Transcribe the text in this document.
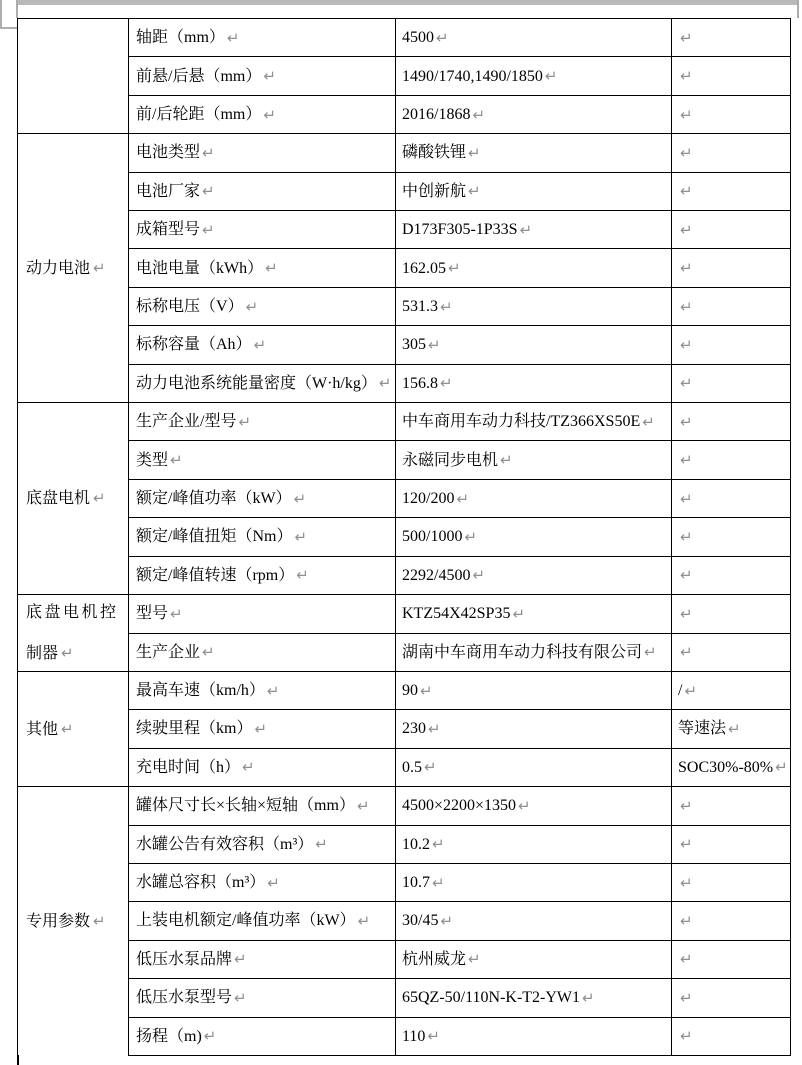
轴距（mm） ↵	4500 ↵	↵
前悬/后悬（mm） ↵	1490/1740,1490/1850 ↵	↵
前/后轮距（mm） ↵	2016/1868 ↵	↵
动力电池 ↵
电池类型 ↵	磷酸铁锂 ↵	↵
电池厂家 ↵	中创新航 ↵	↵
成箱型号 ↵	D173F305-1P33S ↵	↵
电池电量（kWh） ↵	162.05 ↵	↵
标称电压（V） ↵	531.3 ↵	↵
标称容量（Ah） ↵	305 ↵	↵
动力电池系统能量密度（W·h/kg） ↵ 156.8 ↵	↵
底盘电机 ↵
生产企业/型号 ↵	中车商用车动力科技/TZ366XS50E ↵ ↵
类型 ↵	永磁同步电机 ↵	↵
额定/峰值功率（kW） ↵	120/200 ↵	↵
额定/峰值扭矩（Nm） ↵	500/1000 ↵	↵
额定/峰值转速（rpm） ↵	2292/4500 ↵	↵
底盘电机控制器 ↵
型号 ↵	KTZ54X42SP35 ↵	↵
生产企业 ↵	湖南中车商用车动力科技有限公司 ↵ ↵
其他 ↵
最高车速（km/h） ↵	90 ↵	/ ↵
续驶里程（km） ↵	230 ↵	等速法 ↵
充电时间（h） ↵	0.5 ↵	SOC30%-80% ↵
专用参数 ↵
罐体尺寸长×长轴×短轴（mm） ↵ 4500×2200×1350 ↵	↵
水罐公告有效容积（m³） ↵	10.2 ↵	↵
水罐总容积（m³） ↵	10.7 ↵	↵
上装电机额定/峰值功率（kW） ↵ 30/45 ↵	↵
低压水泵品牌 ↵	杭州威龙 ↵	↵
低压水泵型号 ↵	65QZ-50/110N-K-T2-YW1 ↵	↵
扬程（m) ↵	110 ↵	↵
